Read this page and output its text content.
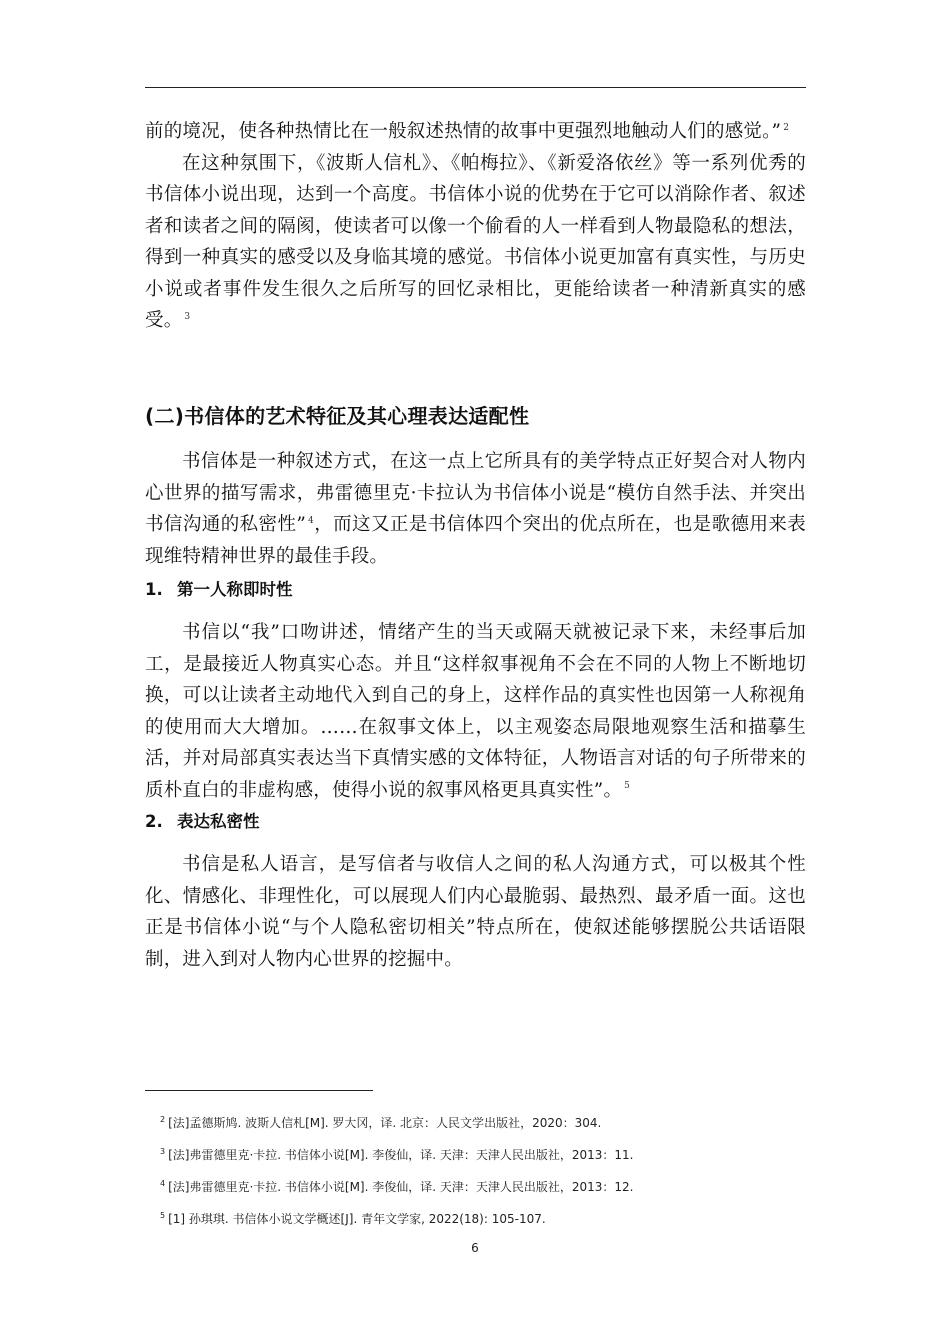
前的境况，使各种热情比在一般叙述热情的故事中更强烈地触动人们的感觉。” $^2$

在这种氛围下，《波斯人信札》、《帕梅拉》、《新爱洛依丝》等一系列优秀的书信体小说出现，达到一个高度。书信体小说的优势在于它可以消除作者、叙述者和读者之间的隔阂，使读者可以像一个偷看的人一样看到人物最隐私的想法，得到一种真实的感受以及身临其境的感觉。书信体小说更加富有真实性，与历史小说或者事件发生很久之后所写的回忆录相比，更能给读者一种清新真实的感受。 $^3$

(二)书信体的艺术特征及其心理表达适配性

书信体是一种叙述方式，在这一点上它所具有的美学特点正好契合对人物内心世界的描写需求，弗雷德里克·卡拉认为书信体小说是“模仿自然手法、并突出书信沟通的私密性” $^4$，而这又正是书信体四个突出的优点所在，也是歌德用来表现维特精神世界的最佳手段。

1. 第一人称即时性

书信以“我”口吻讲述，情绪产生的当天或隔天就被记录下来，未经事后加工，是最接近人物真实心态。并且“这样叙事视角不会在不同的人物上不断地切换，可以让读者主动地代入到自己的身上，这样作品的真实性也因第一人称视角的使用而大大增加。……在叙事文体上，以主观姿态局限地观察生活和描摹生活，并对局部真实表达当下真情实感的文体特征，人物语言对话的句子所带来的质朴直白的非虚构感，使得小说的叙事风格更具真实性”。 $^5$

2. 表达私密性

书信是私人语言，是写信者与收信人之间的私人沟通方式，可以极其个性化、情感化、非理性化，可以展现人们内心最脆弱、最热烈、最矛盾一面。这也正是书信体小说“与个人隐私密切相关”特点所在，使叙述能够摆脱公共话语限制，进入到对人物内心世界的挖掘中。

$^2$ [法]孟德斯鸠. 波斯人信札[M]. 罗大冈，译. 北京：人民文学出版社，2020：304.
$^3$ [法]弗雷德里克·卡拉. 书信体小说[M]. 李俊仙，译. 天津：天津人民出版社，2013：11.
$^4$ [法]弗雷德里克·卡拉. 书信体小说[M]. 李俊仙，译. 天津：天津人民出版社，2013：12.
$^5$ [1] 孙琪琪. 书信体小说文学概述[J]. 青年文学家, 2022(18): 105-107.
6
